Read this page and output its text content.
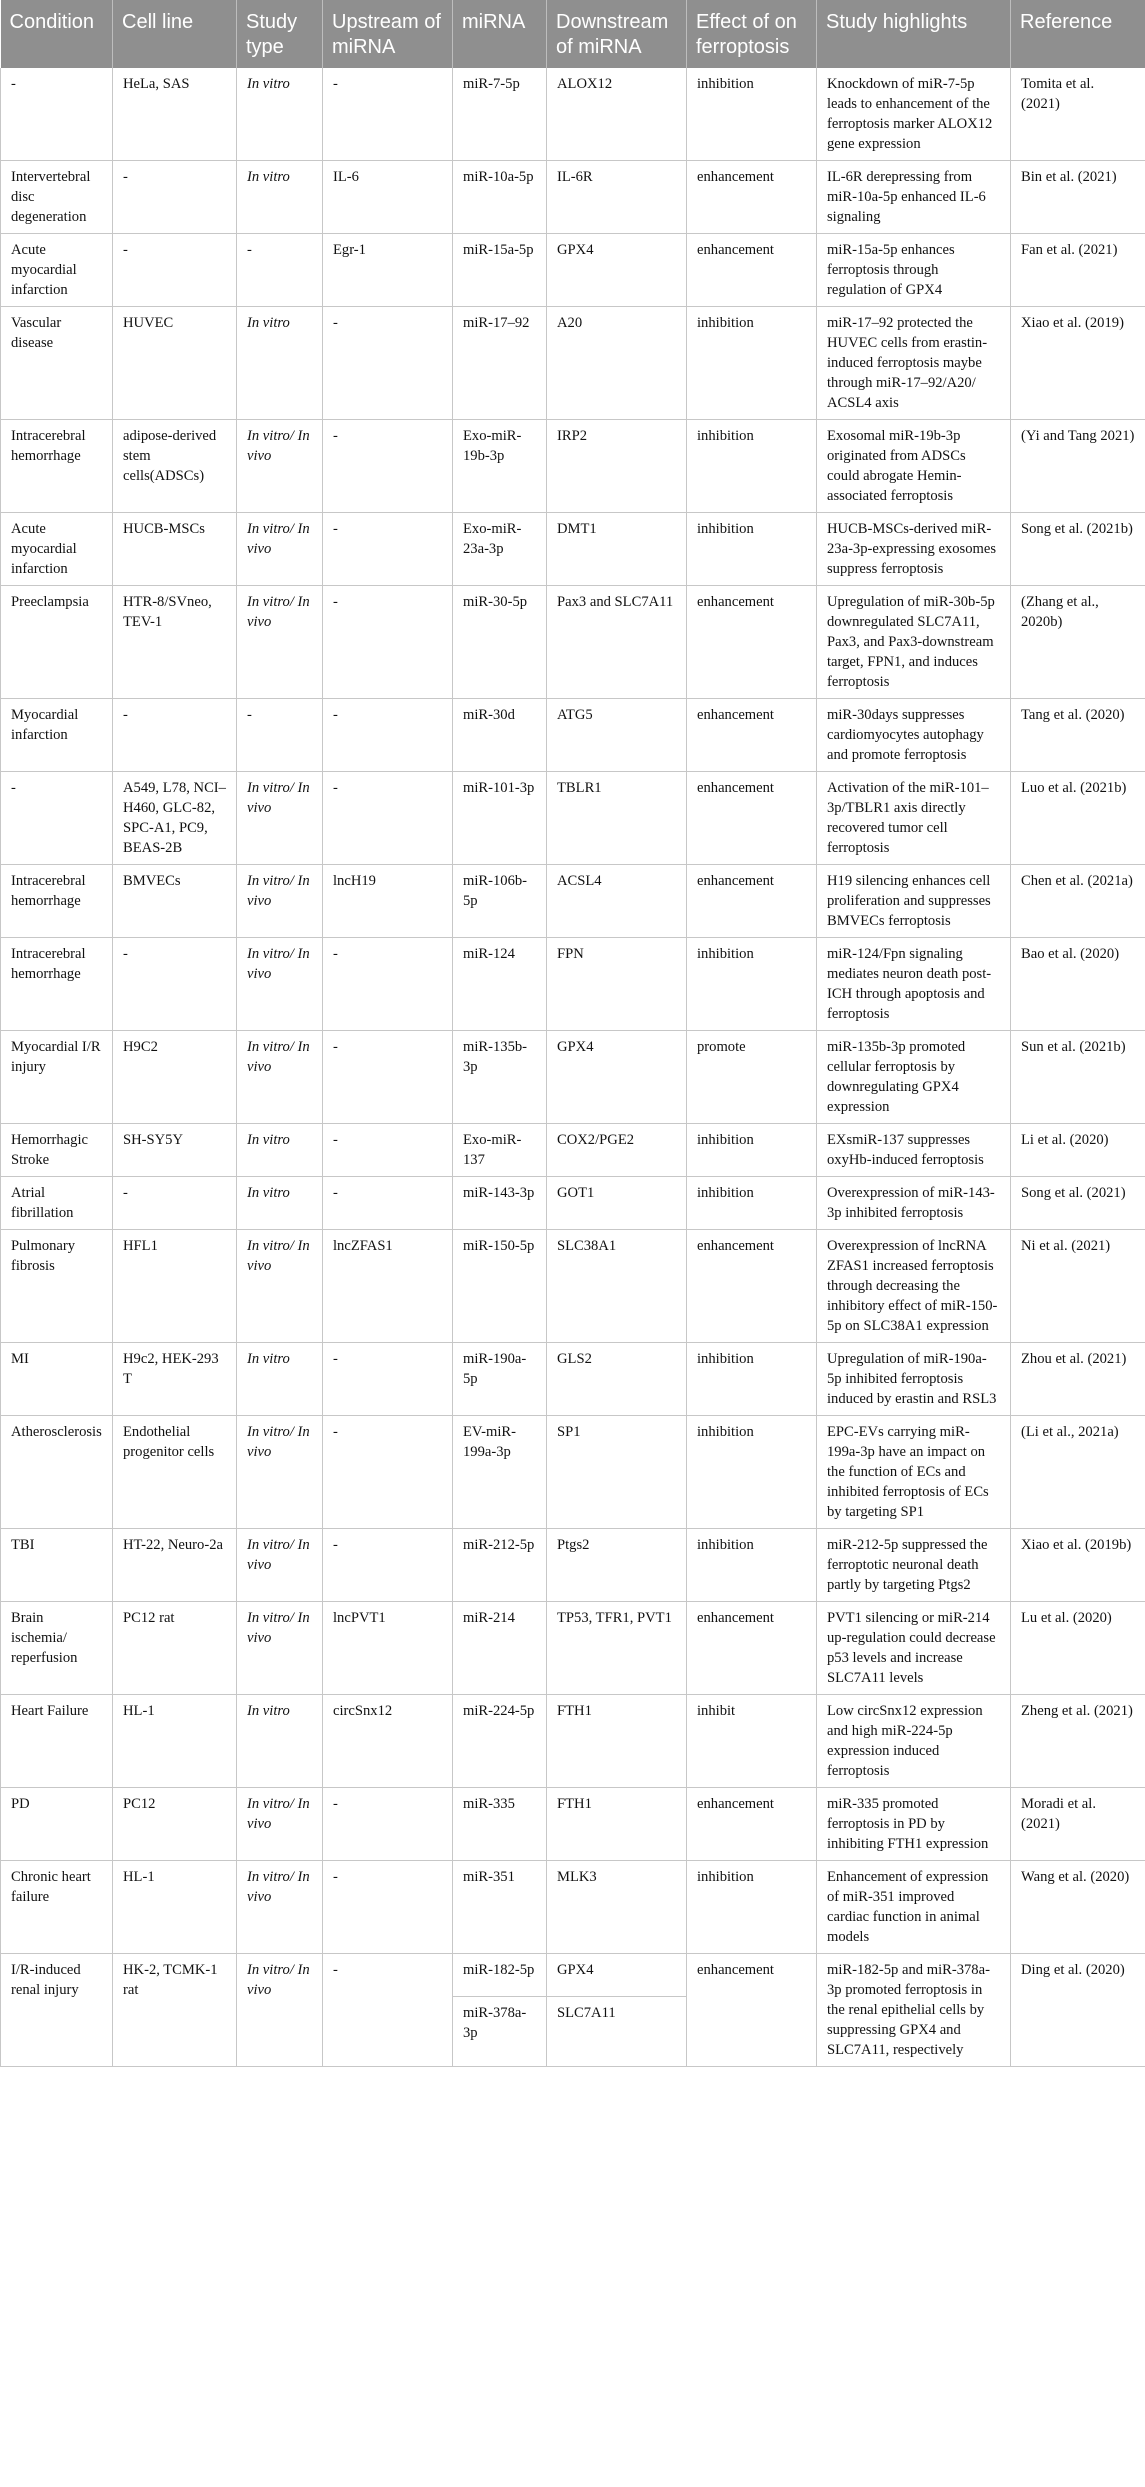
Condition	Cell line	Study type	Upstream of miRNA	miRNA	Downstream of miRNA	Effect of on ferroptosis	Study highlights	Reference
-	HeLa, SAS	In vitro	-	miR-7-5p	ALOX12	inhibition	Knockdown of miR-7-5p leads to enhancement of the ferroptosis marker ALOX12 gene expression	Tomita et al. (2021)
Intervertebral disc degeneration	-	In vitro	IL-6	miR-10a-5p	IL-6R	enhancement	IL-6R derepressing from miR-10a-5p enhanced IL-6 signaling	Bin et al. (2021)
Acute myocardial infarction	-	-	Egr-1	miR-15a-5p	GPX4	enhancement	miR-15a-5p enhances ferroptosis through regulation of GPX4	Fan et al. (2021)
Vascular disease	HUVEC	In vitro	-	miR-17–92	A20	inhibition	miR-17–92 protected the HUVEC cells from erastin-induced ferroptosis maybe through miR-17–92/A20/ ACSL4 axis	Xiao et al. (2019)
Intracerebral hemorrhage	adipose-derived stem cells(ADSCs)	In vitro/ In vivo	-	Exo-miR-19b-3p	IRP2	inhibition	Exosomal miR-19b-3p originated from ADSCs could abrogate Hemin-associated ferroptosis	(Yi and Tang 2021)
Acute myocardial infarction	HUCB-MSCs	In vitro/ In vivo	-	Exo-miR-23a-3p	DMT1	inhibition	HUCB-MSCs-derived miR-23a-3p-expressing exosomes suppress ferroptosis	Song et al. (2021b)
Preeclampsia	HTR-8/SVneo, TEV-1	In vitro/ In vivo	-	miR-30-5p	Pax3 and SLC7A11	enhancement	Upregulation of miR-30b-5p downregulated SLC7A11, Pax3, and Pax3-downstream target, FPN1, and induces ferroptosis	(Zhang et al., 2020b)
Myocardial infarction	-	-	-	miR-30d	ATG5	enhancement	miR-30days suppresses cardiomyocytes autophagy and promote ferroptosis	Tang et al. (2020)
-	A549, L78, NCI–H460, GLC-82, SPC-A1, PC9, BEAS-2B	In vitro/ In vivo	-	miR-101-3p	TBLR1	enhancement	Activation of the miR-101–3p/TBLR1 axis directly recovered tumor cell ferroptosis	Luo et al. (2021b)
Intracerebral hemorrhage	BMVECs	In vitro/ In vivo	lncH19	miR-106b-5p	ACSL4	enhancement	H19 silencing enhances cell proliferation and suppresses BMVECs ferroptosis	Chen et al. (2021a)
Intracerebral hemorrhage	-	In vitro/ In vivo	-	miR-124	FPN	inhibition	miR-124/Fpn signaling mediates neuron death post-ICH through apoptosis and ferroptosis	Bao et al. (2020)
Myocardial I/R injury	H9C2	In vitro/ In vivo	-	miR-135b-3p	GPX4	promote	miR-135b-3p promoted cellular ferroptosis by downregulating GPX4 expression	Sun et al. (2021b)
Hemorrhagic Stroke	SH-SY5Y	In vitro	-	Exo-miR-137	COX2/PGE2	inhibition	EXsmiR-137 suppresses oxyHb-induced ferroptosis	Li et al. (2020)
Atrial fibrillation	-	In vitro	-	miR-143-3p	GOT1	inhibition	Overexpression of miR-143-3p inhibited ferroptosis	Song et al. (2021)
Pulmonary fibrosis	HFL1	In vitro/ In vivo	lncZFAS1	miR-150-5p	SLC38A1	enhancement	Overexpression of lncRNA ZFAS1 increased ferroptosis through decreasing the inhibitory effect of miR-150-5p on SLC38A1 expression	Ni et al. (2021)
MI	H9c2, HEK-293 T	In vitro	-	miR-190a-5p	GLS2	inhibition	Upregulation of miR-190a-5p inhibited ferroptosis induced by erastin and RSL3	Zhou et al. (2021)
Atherosclerosis	Endothelial progenitor cells	In vitro/ In vivo	-	EV-miR-199a-3p	SP1	inhibition	EPC-EVs carrying miR-199a-3p have an impact on the function of ECs and inhibited ferroptosis of ECs by targeting SP1	(Li et al., 2021a)
TBI	HT-22, Neuro-2a	In vitro/ In vivo	-	miR-212-5p	Ptgs2	inhibition	miR-212-5p suppressed the ferroptotic neuronal death partly by targeting Ptgs2	Xiao et al. (2019b)
Brain ischemia/ reperfusion	PC12 rat	In vitro/ In vivo	lncPVT1	miR-214	TP53, TFR1, PVT1	enhancement	PVT1 silencing or miR-214 up-regulation could decrease p53 levels and increase SLC7A11 levels	Lu et al. (2020)
Heart Failure	HL-1	In vitro	circSnx12	miR-224-5p	FTH1	inhibit	Low circSnx12 expression and high miR-224-5p expression induced ferroptosis	Zheng et al. (2021)
PD	PC12	In vitro/ In vivo	-	miR-335	FTH1	enhancement	miR-335 promoted ferroptosis in PD by inhibiting FTH1 expression	Moradi et al. (2021)
Chronic heart failure	HL-1	In vitro/ In vivo	-	miR-351	MLK3	inhibition	Enhancement of expression of miR-351 improved cardiac function in animal models	Wang et al. (2020)
I/R-induced renal injury	HK-2, TCMK-1 rat	In vitro/ In vivo	-	miR-182-5p	GPX4	enhancement	miR-182-5p and miR-378a-3p promoted ferroptosis in the renal epithelial cells by suppressing GPX4 and SLC7A11, respectively	Ding et al. (2020)
				miR-378a-3p	SLC7A11			
